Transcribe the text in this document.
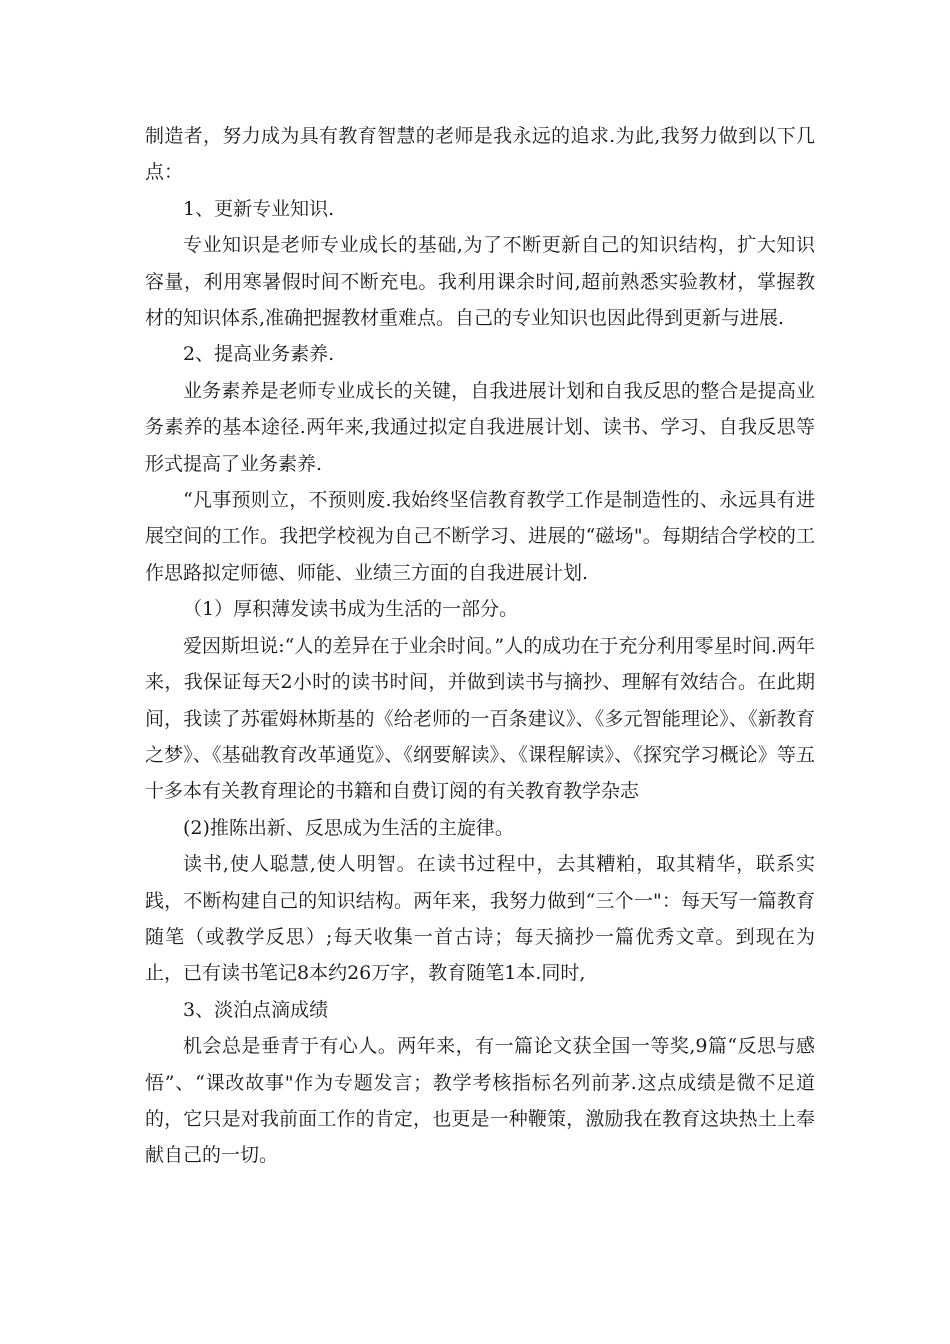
制造者，努力成为具有教育智慧的老师是我永远的追求.为此,我努力做到以下几点：

1、更新专业知识.

专业知识是老师专业成长的基础,为了不断更新自己的知识结构，扩大知识容量，利用寒暑假时间不断充电。我利用课余时间,超前熟悉实验教材，掌握教材的知识体系,准确把握教材重难点。自己的专业知识也因此得到更新与进展.

2、提高业务素养.

业务素养是老师专业成长的关键，自我进展计划和自我反思的整合是提高业务素养的基本途径.两年来,我通过拟定自我进展计划、读书、学习、自我反思等形式提高了业务素养.

“凡事预则立，不预则废.我始终坚信教育教学工作是制造性的、永远具有进展空间的工作。我把学校视为自己不断学习、进展的“磁场"。每期结合学校的工作思路拟定师德、师能、业绩三方面的自我进展计划.

（1）厚积薄发读书成为生活的一部分。

爱因斯坦说:“人的差异在于业余时间。”人的成功在于充分利用零星时间.两年来，我保证每天2小时的读书时间，并做到读书与摘抄、理解有效结合。在此期间，我读了苏霍姆林斯基的《给老师的一百条建议》、《多元智能理论》、《新教育之梦》、《基础教育改革通览》、《纲要解读》、《课程解读》、《探究学习概论》等五十多本有关教育理论的书籍和自费订阅的有关教育教学杂志

(2)推陈出新、反思成为生活的主旋律。

读书,使人聪慧,使人明智。在读书过程中，去其糟粕，取其精华，联系实践，不断构建自己的知识结构。两年来，我努力做到“三个一"：每天写一篇教育随笔（或教学反思）;每天收集一首古诗；每天摘抄一篇优秀文章。到现在为止，已有读书笔记8本约26万字，教育随笔1本.同时,

3、淡泊点滴成绩

机会总是垂青于有心人。两年来，有一篇论文获全国一等奖,9篇“反思与感悟”、“课改故事"作为专题发言；教学考核指标名列前茅.这点成绩是微不足道的，它只是对我前面工作的肯定，也更是一种鞭策，激励我在教育这块热土上奉献自己的一切。
